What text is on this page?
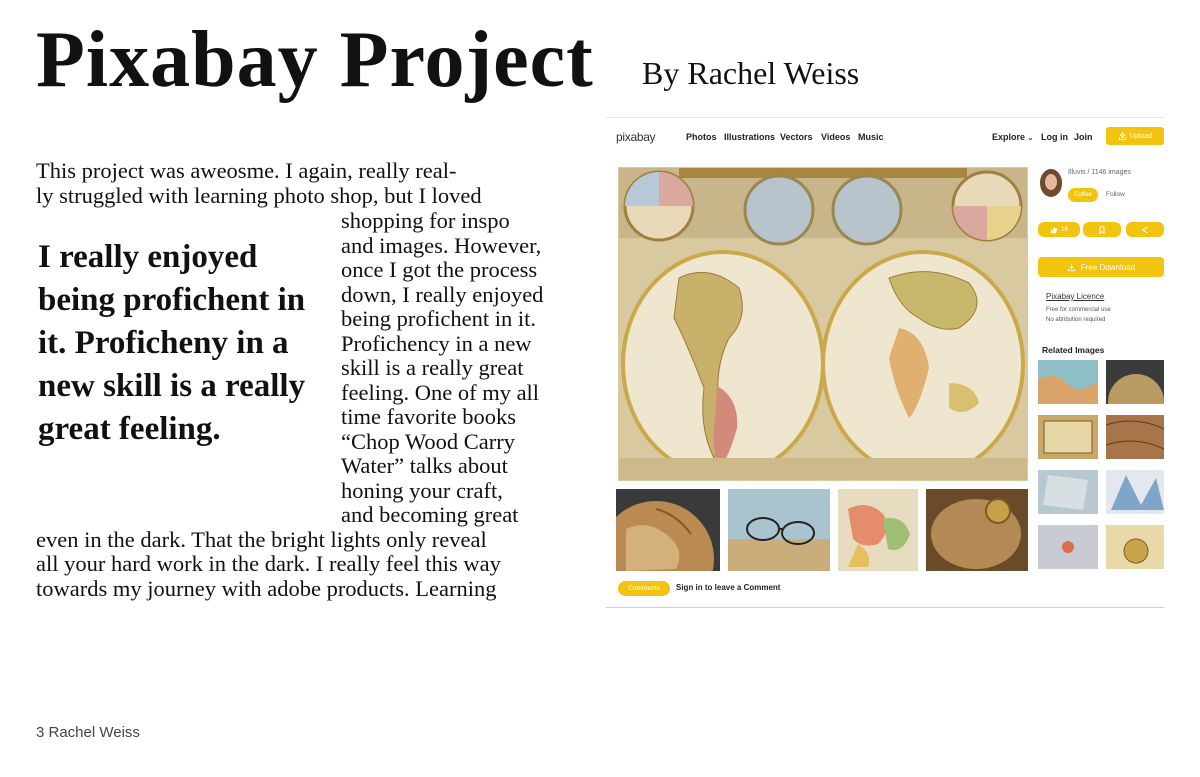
Pixabay Project By Rachel Weiss
This project was aweosme. I again, really real-
ly struggled with learning photo shop, but I loved
shopping for inspo
and images. However,
once I got the process
down, I really enjoyed
being profichent in it.
Profichency in a new
skill is a really great
feeling. One of my all
time favorite books
“Chop Wood Carry
Water” talks about
honing your craft,
and becoming great
even in the dark. That the bright lights only reveal
all your hard work in the dark. I really feel this way
towards my journey with adobe products. Learning

I really enjoyed being profichent in it. Proficheny in a new skill is a really great feeling.

pixabay	Photos Illustrations Vectors Videos Music	Explore ⌄ Log in Join	Upload
Comments	Sign in to leave a Comment
Illuvis / 1146 images
Coffee	Follow
18
Free Download
Pixabay Licence
Free for commercial use
No attribution required
Related Images
3 Rachel Weiss
